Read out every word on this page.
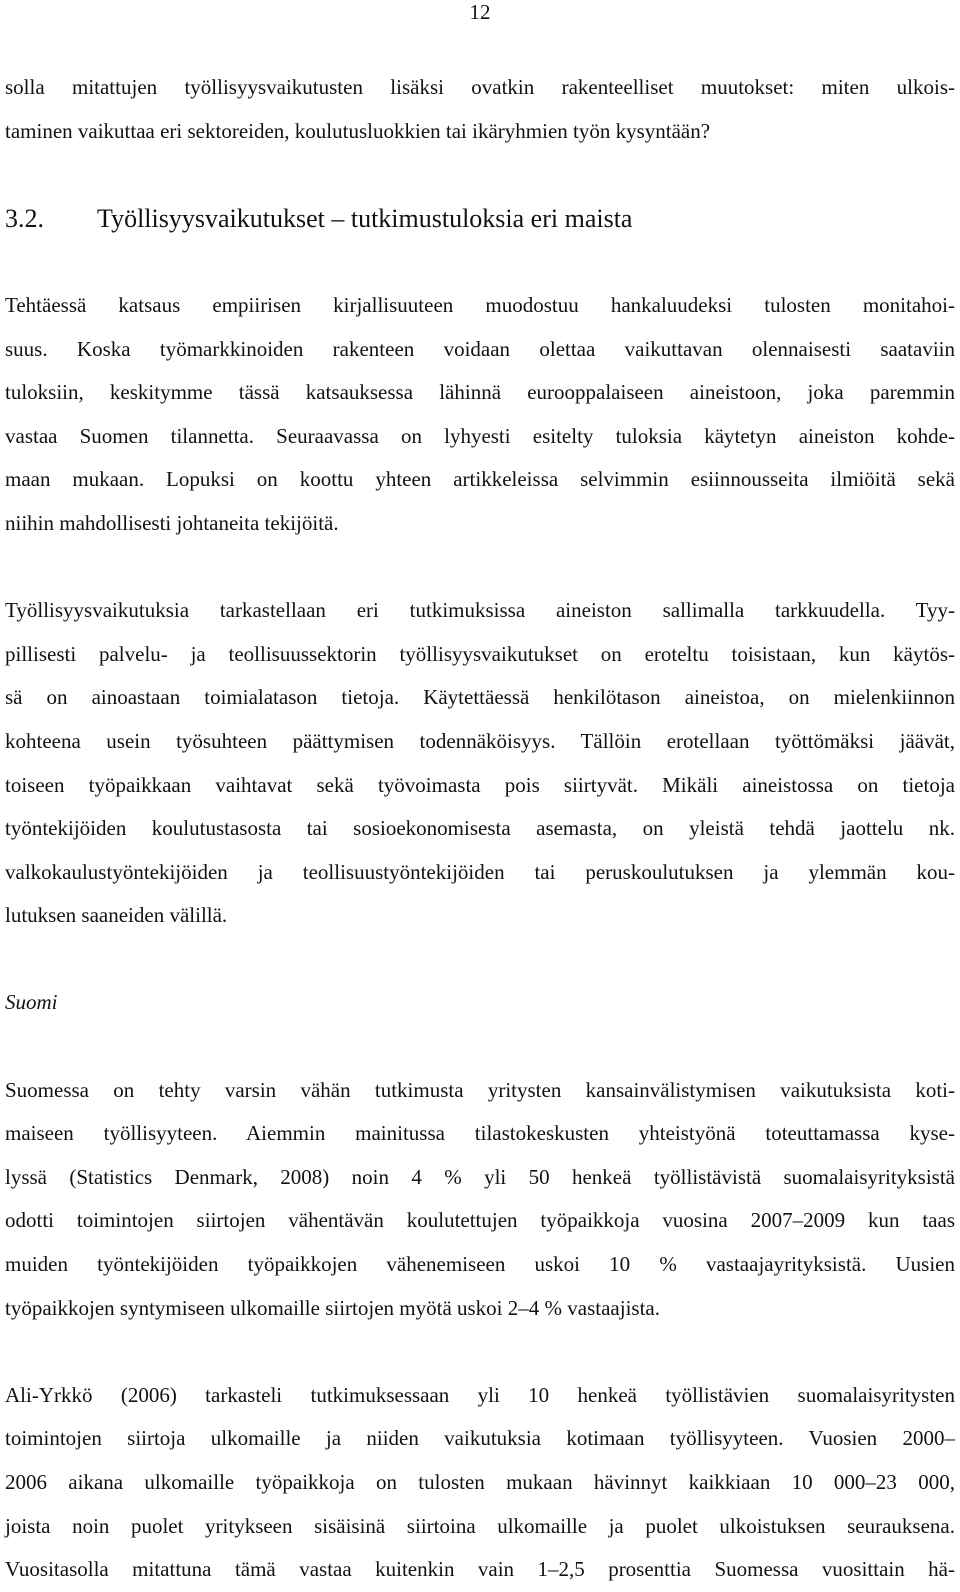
12

solla mitattujen työllisyysvaikutusten lisäksi ovatkin rakenteelliset muutokset: miten ulkois-
taminen vaikuttaa eri sektoreiden, koulutusluokkien tai ikäryhmien työn kysyntään?

3.2. Työllisyysvaikutukset – tutkimustuloksia eri maista

Tehtäessä katsaus empiirisen kirjallisuuteen muodostuu hankaluudeksi tulosten monitahoi-
suus. Koska työmarkkinoiden rakenteen voidaan olettaa vaikuttavan olennaisesti saataviin
tuloksiin, keskitymme tässä katsauksessa lähinnä eurooppalaiseen aineistoon, joka paremmin
vastaa Suomen tilannetta. Seuraavassa on lyhyesti esitelty tuloksia käytetyn aineiston kohde-
maan mukaan. Lopuksi on koottu yhteen artikkeleissa selvimmin esiinnousseita ilmiöitä sekä
niihin mahdollisesti johtaneita tekijöitä.

Työllisyysvaikutuksia tarkastellaan eri tutkimuksissa aineiston sallimalla tarkkuudella. Tyy-
pillisesti palvelu- ja teollisuussektorin työllisyysvaikutukset on eroteltu toisistaan, kun käytös-
sä on ainoastaan toimialatason tietoja. Käytettäessä henkilötason aineistoa, on mielenkiinnon
kohteena usein työsuhteen päättymisen todennäköisyys. Tällöin erotellaan työttömäksi jäävät,
toiseen työpaikkaan vaihtavat sekä työvoimasta pois siirtyvät. Mikäli aineistossa on tietoja
työntekijöiden koulutustasosta tai sosioekonomisesta asemasta, on yleistä tehdä jaottelu nk.
valkokaulustyöntekijöiden ja teollisuustyöntekijöiden tai peruskoulutuksen ja ylemmän kou-
lutuksen saaneiden välillä.

Suomi

Suomessa on tehty varsin vähän tutkimusta yritysten kansainvälistymisen vaikutuksista koti-
maiseen työllisyyteen. Aiemmin mainitussa tilastokeskusten yhteistyönä toteuttamassa kyse-
lyssä (Statistics Denmark, 2008) noin 4 % yli 50 henkeä työllistävistä suomalaisyrityksistä
odotti toimintojen siirtojen vähentävän koulutettujen työpaikkoja vuosina 2007–2009 kun taas
muiden työntekijöiden työpaikkojen vähenemiseen uskoi 10 % vastaajayrityksistä. Uusien
työpaikkojen syntymiseen ulkomaille siirtojen myötä uskoi 2–4 % vastaajista.

Ali-Yrkkö (2006) tarkasteli tutkimuksessaan yli 10 henkeä työllistävien suomalaisyritysten
toimintojen siirtoja ulkomaille ja niiden vaikutuksia kotimaan työllisyyteen. Vuosien 2000–
2006 aikana ulkomaille työpaikkoja on tulosten mukaan hävinnyt kaikkiaan 10 000–23 000,
joista noin puolet yritykseen sisäisinä siirtoina ulkomaille ja puolet ulkoistuksen seurauksena.
Vuositasolla mitattuna tämä vastaa kuitenkin vain 1–2,5 prosenttia Suomessa vuosittain hä-
